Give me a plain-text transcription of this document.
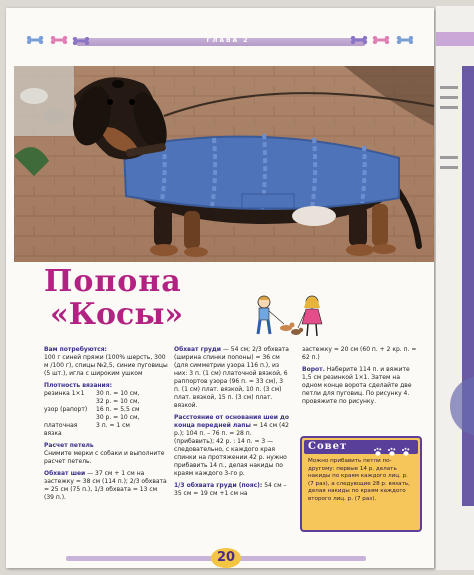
ГЛАВА 2
Попона
«Косы»

Вам потребуются:

100 г синей пряжи (100% шерсть, 300 м /100 г), спицы №2,5, синие пуговицы (5 шт.), игла с широким ушком

Плотность вязания:

резинка 1×1	30 п. = 10 см,
32 р. = 10 см,
узор (рапорт)	16 п. = 5,5 см
30 р. = 10 см,
платочная вязка
3 п. = 1 см

Расчет петель

Снимите мерки с собаки и выполните расчет петель.

Обхват шеи — 37 см + 1 см на застежку = 38 см (114 п.); 2/3 обхвата = 25 см (75 п.), 1/3 обхвата = 13 см (39 п.).

Обхват груди — 54 см; 2/3 обхвата (ширина спинки попоны) = 36 см (для симметрии узора 116 п.), из них: 3 п. (1 см) платочной вязкой, 6 раппортов узора (96 п. = 33 см), 3 п. (1 см) плат. вязкой, 10 п. (3 см) плат. вязкой, 15 п. (3 см) плат. вязкой.

Расстояние от основания шеи до конца передней лапы = 14 см (42 р.); 104 п. – 76 п. = 28 п. (прибавить); 42 р. : 14 п. = 3 — следовательно, с каждого края спинки на протяжении 42 р. нужно прибавить 14 п., делая накиды по краям каждого 3-го р.

1/3 обхвата груди (пояс): 54 см – 35 см = 19 см +1 см на

застежку = 20 см (60 п. + 2 кр. п. = 62 п.)

Ворот. Наберите 114 п. и вяжите 1,5 см резинкой 1×1. Затем на одном конце ворота сделайте две петли для пуговиц. По рисунку 4. провяжите по рисунку.

Совет
Можно прибавить петли по-другому: первые 14 р. делать накиды по краям каждого лиц. р. (7 раз), а следующие 28 р. вязать, делая накиды по краям каждого второго лиц. р. (7 раз).
20
